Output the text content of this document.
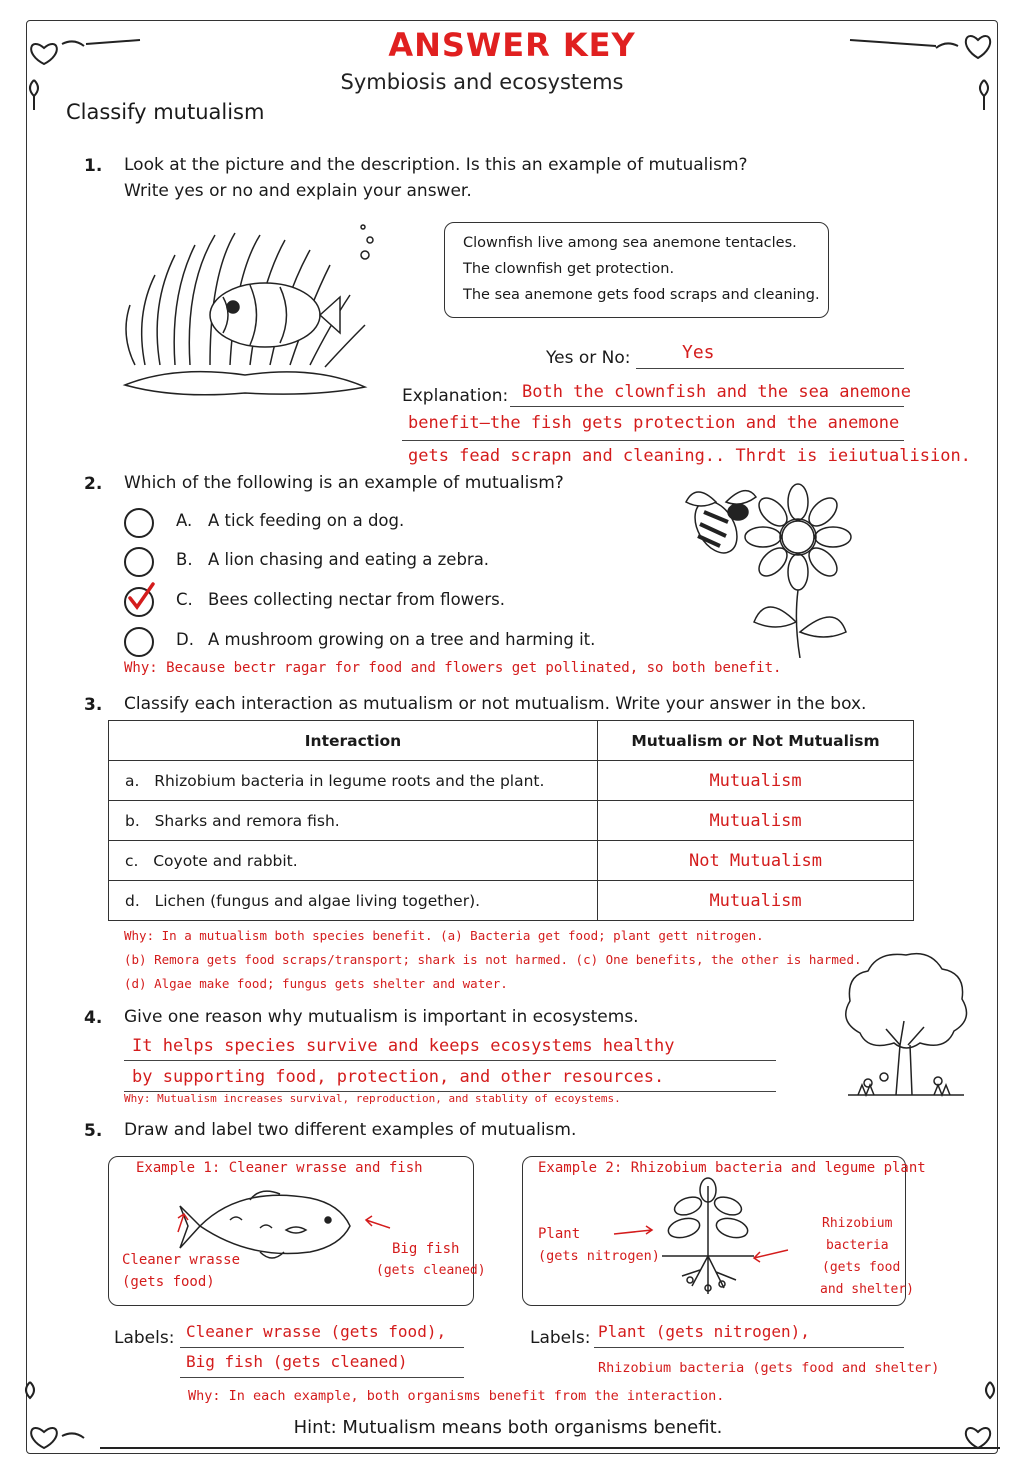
ANSWER KEY
Symbiosis and ecosystems
Classify mutualism
1. Look at the picture and the description. Is this an example of mutualism?
Write yes or no and explain your answer.
Clownfish live among sea anemone tentacles.
The clownfish get protection.
The sea anemone gets food scraps and cleaning.
Yes or No:	Yes
Explanation: Both the clownfish and the sea anemone
benefit—the fish gets protection and the anemone
gets fead scrapn and cleaning.. Thrdt is ieiutualision.
2. Which of the following is an example of mutualism?
A. A tick feeding on a dog.
B. A lion chasing and eating a zebra.
C. Bees collecting nectar from flowers.
D. A mushroom growing on a tree and harming it.
Why: Because bectr ragar for food and flowers get pollinated, so both benefit.
3. Classify each interaction as mutualism or not mutualism. Write your answer in the box.
Interaction	Mutualism or Not Mutualism
a. Rhizobium bacteria in legume roots and the plant.	Mutualism
b. Sharks and remora fish.	Mutualism
c. Coyote and rabbit.	Not Mutualism
d. Lichen (fungus and algae living together).	Mutualism
Why: In a mutualism both species benefit. (a) Bacteria get food; plant gett nitrogen.
(b) Remora gets food scraps/transport; shark is not harmed. (c) One benefits, the other is harmed.
(d) Algae make food; fungus gets shelter and water.
4. Give one reason why mutualism is important in ecosystems.
It helps species survive and keeps ecosystems healthy
by supporting food, protection, and other resources.
Why: Mutualism increases survival, reproduction, and stablity of ecoystems.
5. Draw and label two different examples of mutualism.
Example 1: Cleaner wrasse and fish
Cleaner wrasse
(gets food)
Big fish
(gets cleaned)
Example 2: Rhizobium bacteria and legume plant
Plant
(gets nitrogen)
Rhizobium
bacteria
(gets food
and shelter)
Labels: Cleaner wrasse (gets food),
Big fish (gets cleaned)
Labels: Plant (gets nitrogen),
Rhizobium bacteria (gets food and shelter)
Why: In each example, both organisms benefit from the interaction.
Hint: Mutualism means both organisms benefit.
